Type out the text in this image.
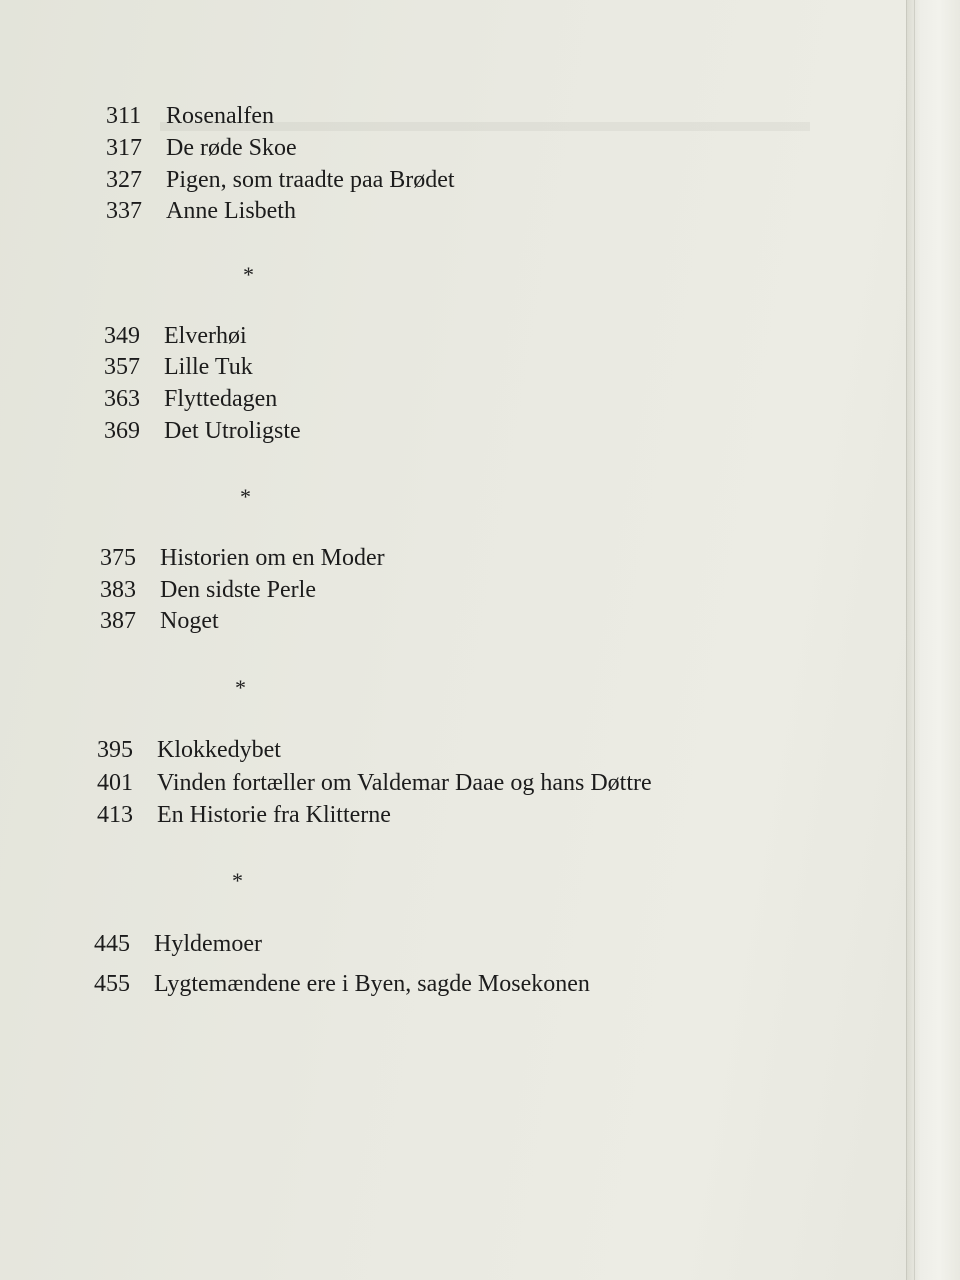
311 Rosenalfen
317 De røde Skoe
327 Pigen, som traadte paa Brødet
337 Anne Lisbeth
*
349 Elverhøi
357 Lille Tuk
363 Flyttedagen
369 Det Utroligste
*
375 Historien om en Moder
383 Den sidste Perle
387 Noget
*
395 Klokkedybet
401 Vinden fortæller om Valdemar Daae og hans Døttre
413 En Historie fra Klitterne
*
445 Hyldemoer
455 Lygtemændene ere i Byen, sagde Mosekonen
